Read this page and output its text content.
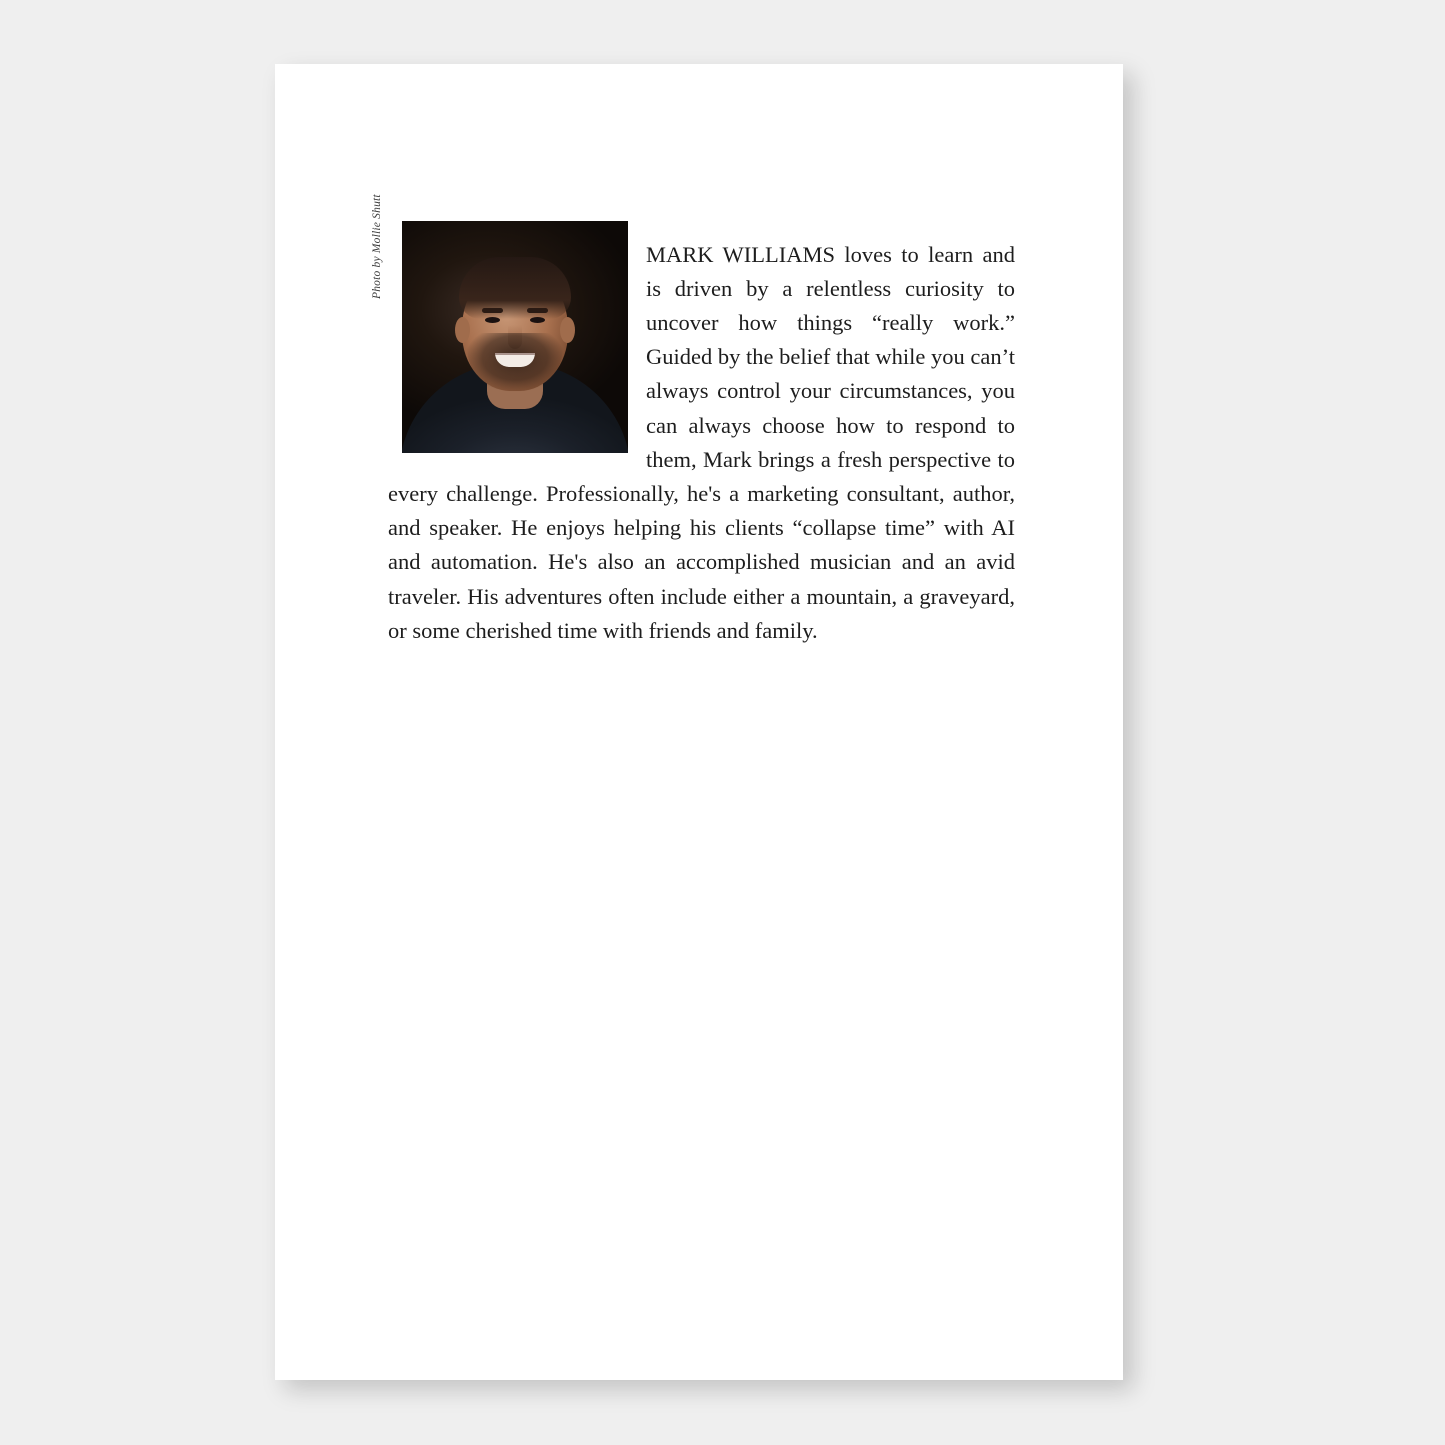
Photo by Mollie Shutt	MARK WILLIAMS loves to learn and is driven by a relentless curiosity to uncover how things “really work.” Guided by the belief that while you can’t always control your circumstances, you can always choose how to respond to them, Mark brings a fresh perspective to every challenge. Professionally, he's a marketing consultant, author, and speaker. He enjoys helping his clients “collapse time” with AI and automation. He's also an accomplished musician and an avid traveler. His adventures often include either a mountain, a graveyard, or some cherished time with friends and family.
